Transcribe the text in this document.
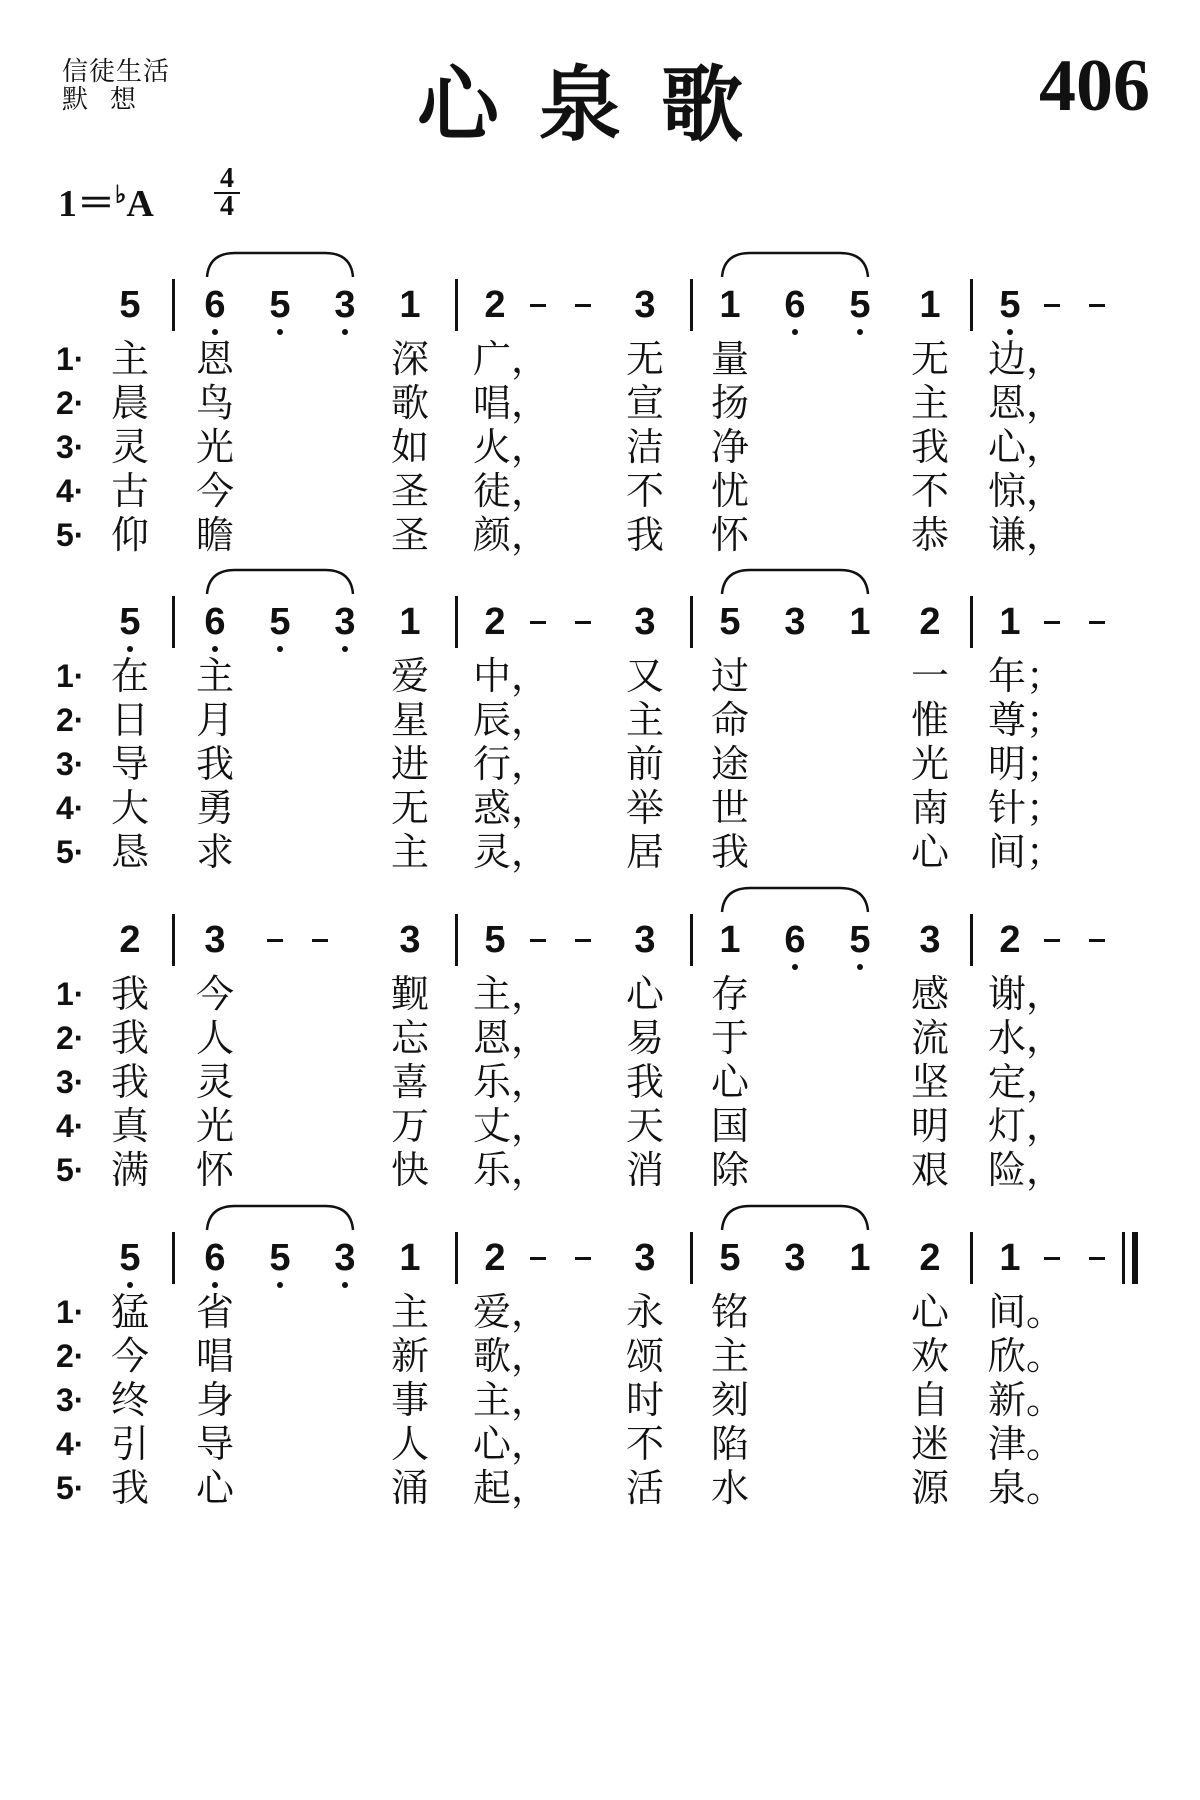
信徒生活
默想	心泉歌	406
1＝♭A
4
4
5 6 5 3 1 2	3 1 6 5 1 5
1· 主 恩	深 广， 无 量	无 边，
2· 晨 鸟	歌 唱， 宣 扬	主 恩，
3· 灵 光	如 火， 洁 净	我 心，
4· 古 今	圣 徒， 不 忧	不 惊，
5· 仰 瞻	圣 颜， 我 怀	恭 谦，
5 6 5 3 1 2	3 5 3 1 2 1
1· 在 主	爱 中， 又 过	一 年；
2· 日 月	星 辰， 主 命	惟 尊；
3· 导 我	进 行， 前 途	光 明；
4· 大 勇	无 惑， 举 世	南 针；
5· 恳 求	主 灵， 居 我	心 间；
2 3	3 5	3 1 6 5 3 2
1· 我 今	觐 主， 心 存	感 谢，
2· 我 人	忘 恩， 易 于	流 水，
3· 我 灵	喜 乐， 我 心	坚 定，
4· 真 光	万 丈， 天 国	明 灯，
5· 满 怀	快 乐， 消 除	艰 险，
5 6 5 3 1 2	3 5 3 1 2 1
1· 猛 省	主 爱， 永 铭	心 间。
2· 今 唱	新 歌， 颂 主	欢 欣。
3· 终 身	事 主， 时 刻	自 新。
4· 引 导	人 心， 不 陷	迷 津。
5· 我 心	涌 起， 活 水	源 泉。
